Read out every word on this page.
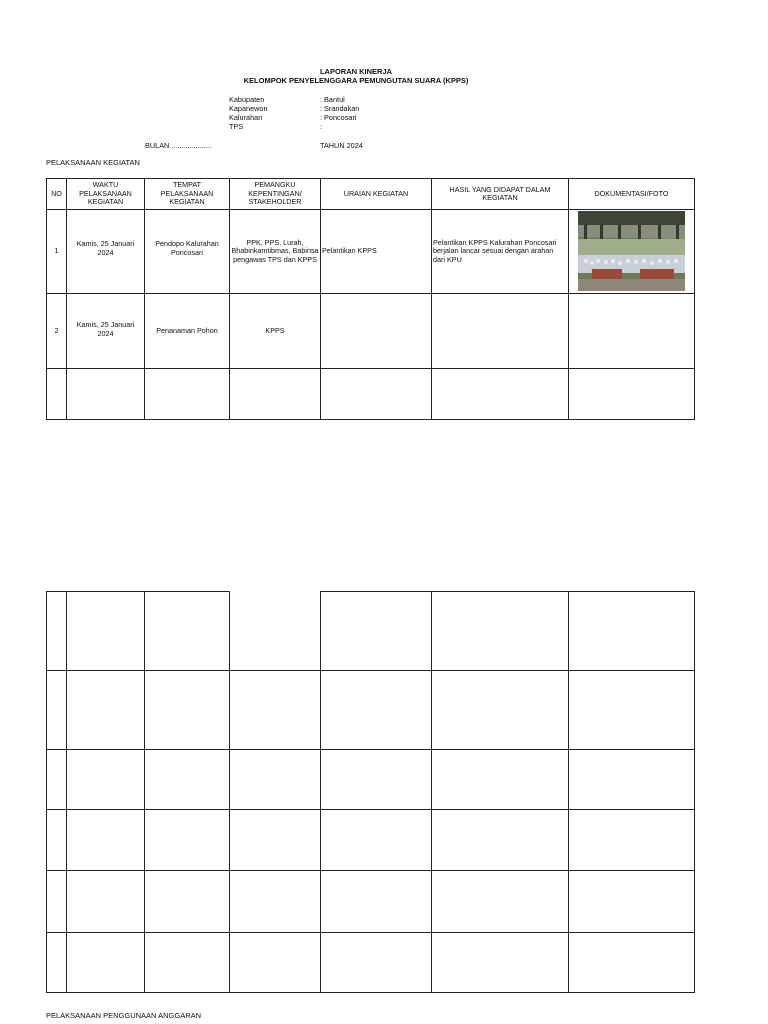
LAPORAN KINERJA
KELOMPOK PENYELENGGARA PEMUNGUTAN SUARA (KPPS)
Kabupaten	: Bantul
Kapanewon	: Srandakan
Kalurahan	: Poncosari
TPS	:
BULAN ....................	TAHUN 2024
PELAKSANAAN KEGIATAN
NO	WAKTU PELAKSANAAN KEGIATAN	TEMPAT PELAKSANAAN KEGIATAN	PEMANGKU KEPENTINGAN/ STAKEHOLDER	URAIAN KEGIATAN	HASIL YANG DIDAPAT DALAM KEGIATAN	DOKUMENTASI/FOTO
1	Kamis, 25 Januari 2024	Pendopo Kalurahan Poncosari	PPK, PPS, Lurah, Bhabinkamtibmas, Babinsa pengawas TPS dan KPPS	Pelantikan KPPS	Pelantikan KPPS Kalurahan Poncosari berjalan lancar sesuai dengan arahan dari KPU	

2	Kamis, 25 Januari 2024	Penanaman Pohon	KPPS			

PELAKSANAAN PENGGUNAAN ANGGARAN
